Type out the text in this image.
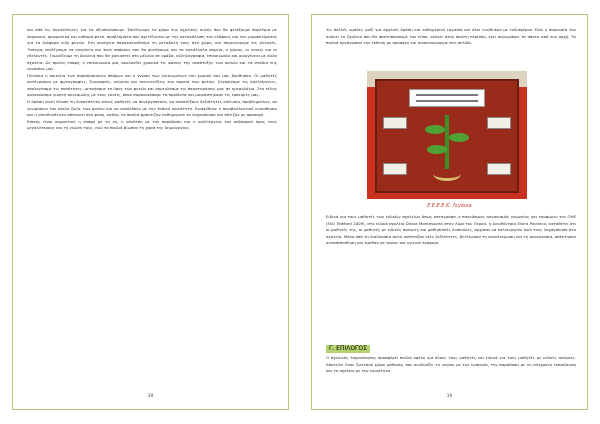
και από τις δυνατότητες για τα αξιοποιήσουμε. Επιλέγουμε το χώρο της σχολικής αυλής που θα φτιάξουμε παρτέρια με λαχανικά, αρωματικά και καθαρά φυτά, προβλήματα που σχετίζονται με την κατανάλωση του εδάφους και του μικροκλίματος για τα διάφορα είδη φυτών. Στη συνέχεια παρακολουθούμε τη μεταβολή τους στο χώρο, και σημειώνουμε τις αλλαγές. Ύστερα, επιλέγουμε τα εργαλεία και τους σπόρους που θα φυτέψουμε και τα κατάλληλα σημεία, ο χώρος, οι γονείς και οι εθελοντές. Γνωρίζουμε τη δουλειά που θα χρειαστεί στο μέλλον σε ομάδα, αλληλογραφία, επικοινωνία και οικογένεια με άλλα σχολεία. Ως πρώτη επαφή, η επικοινωνία μας ακολουθεί χρονικά τις φάσεις της ανάπτυξης των φυτών και τα στάδια της εργασίας μας.
Πλούσια η ποικιλία των παραδοσιακών σπόρων και η γνώση των ηλικιωμένων του χωριού που μας βοήθησαν. Οι μαθητές κατέγραψαν με φωτογραφίες, ζωγραφιές, κείμενα και συνεντεύξεις την πορεία των φυτών. Συγκρίναμε τις καλλιέργειες, υπολογίσαμε τις ποσότητες, μετρήσαμε το ύψος των φυτών και σημειώσαμε τις παρατηρήσεις μας σε ημερολόγιο. Στο τέλος οργανώσαμε γιορτή συγκομιδής με τους γονείς, όπου παρουσιάσαμε τα προϊόντα και μοιραστήκαμε τις εμπειρίες μας.
Η δράση αυτή έδωσε τη δυνατότητα στους μαθητές να συνεργαστούν, να αναπτύξουν δεξιότητες επίλυσης προβλημάτων, να γνωρίσουν τον κύκλο ζωής των φυτών και να συνδεθούν με την τοπική κοινότητα. Ενισχύθηκε η περιβαλλοντική ευαισθησία και η υπευθυνότητα απέναντι στη φύση, καθώς τα παιδιά φρόντιζαν καθημερινά το λαχανόκηπο και πότιζαν με προσοχή.
Επίσης είναι σημαντική η επαφή με τη γη, η σύνδεση με την παράδοση και η καλλιέργεια του σεβασμού προς τους μεγαλύτερους και τη γνώση τους, ενώ τα παιδιά βίωσαν τη χαρά της δημιουργίας.
38
τις πολλές ομάδες μαζί για σχολική δράση και καθημερινή εργασία και όλοι ενώθηκαν με ενδιαφέρον. Εδώ η παρουσία του ανήκει το Σχολείο που θα αποτυπώσουμε τον κήπο, ανήκει στην πρώτη περίοδο, έχει περιγράψει τα πάντα από την αρχή. Τα παιδιά οργάνωσαν την έκθεση με προσοχή και ανακοινώνουμε στη σελίδα.
Ε.Ε.Ε.Ε.Κ. Λιγάνια
Ειδικά για τους μαθητές των ειδικών σχολείων όπως καταγράφει ο παγκόσμιος οργανισμός γεωργίας και τροφίμων του ΟΗΕ (FAO Teleford 2009), στο ειδικό σχολείο Diviza Montessoria στην Λίμα του Περού, η διευθύντρια Elvira Pacheco, καταθέτει ότι οι μαθητές της, οι μαθητές με ειδικές ανάγκες και μαθησιακές δυσκολίες, άρχισαν να καλλιεργούν δικό τους λαχανόκηπο στο σχολείο. Μέσα από τη διαδικασία αυτή ανέπτυξαν νέες δεξιότητες, βελτίωσαν τη συγκέντρωση και τη συνεργασία, απέκτησαν αυτοπεποίθηση και έμαθαν να τρώνε πιο υγιεινά τρόφιμα.
Γ. ΕΠΙΛΟΓΟΣ
Ο σχολικός λαχανόκηπος προσφέρει πολλά οφέλη για όλους τους μαθητές και ειδικά για τους μαθητές με ειδικές ανάγκες. Αποτελεί έναν ζωντανό χώρο μάθησης που συνδυάζει τη γνώση με την εμπειρία, την παράδοση με τη σύγχρονη εκπαίδευση και το σχολείο με την κοινότητα.
39
